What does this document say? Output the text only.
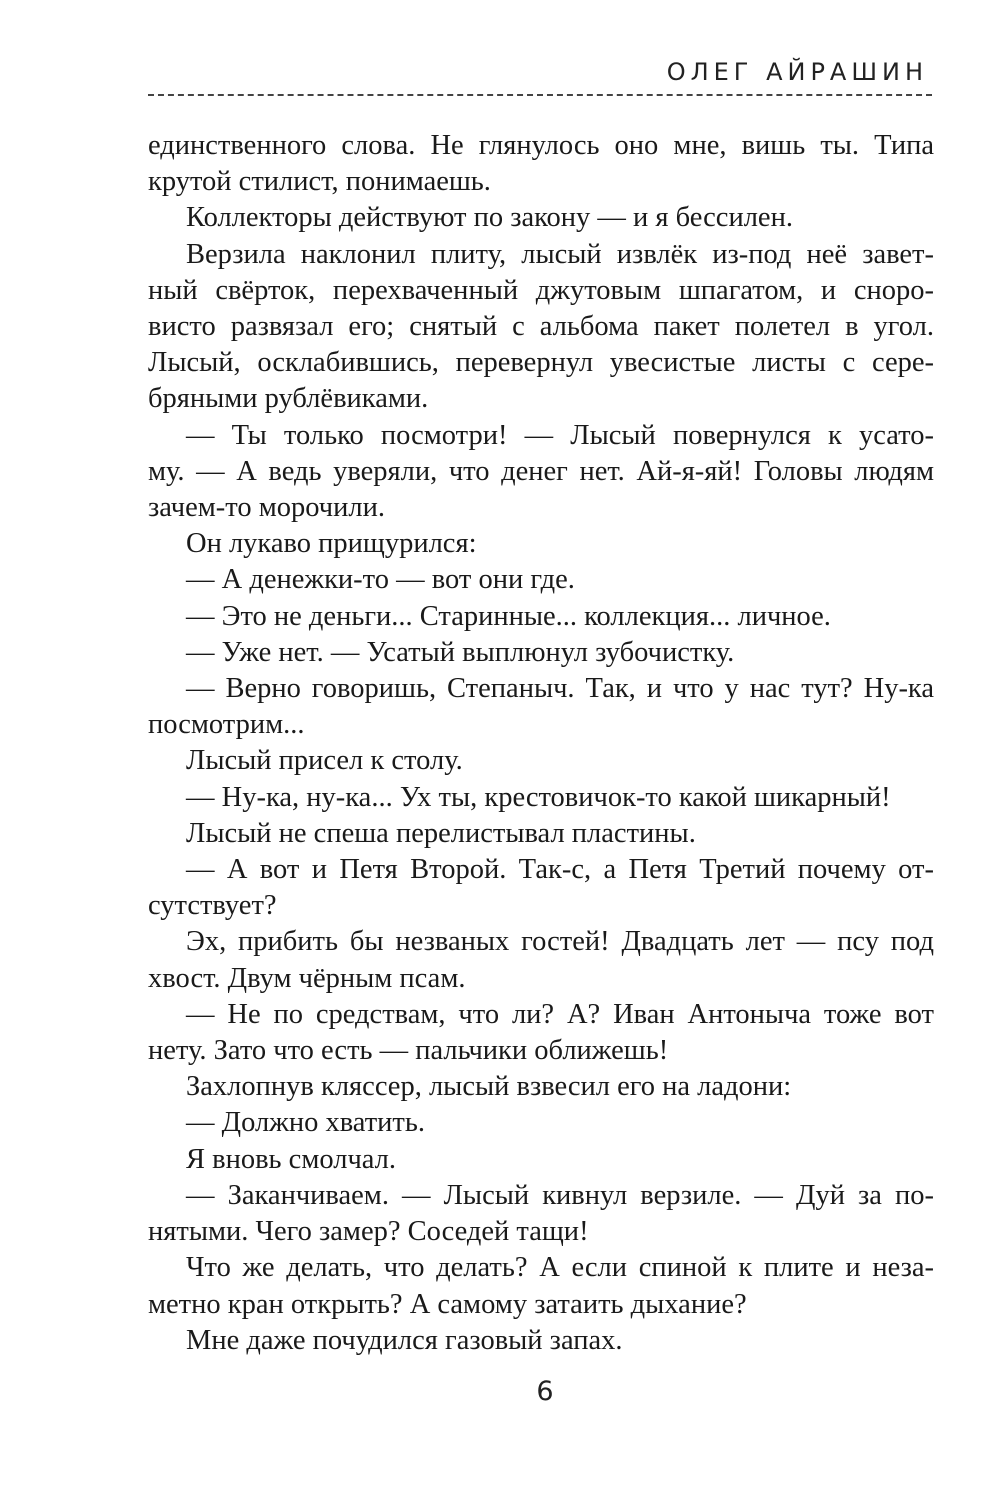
ОЛЕГ АЙРАШИН
единственного слова. Не глянулось оно мне, вишь ты. Типа
крутой стилист, понимаешь.
Коллекторы действуют по закону — и я бессилен.
Верзила наклонил плиту, лысый извлёк из-под неё завет-
ный свёрток, перехваченный джутовым шпагатом, и сноро-
висто развязал его; снятый с альбома пакет полетел в угол.
Лысый, осклабившись, перевернул увесистые листы с сере-
бряными рублёвиками.
— Ты только посмотри! — Лысый повернулся к усато-
му. — А ведь уверяли, что денег нет. Ай-я-яй! Головы людям
зачем-то морочили.
Он лукаво прищурился:
— А денежки-то — вот они где.
— Это не деньги... Старинные... коллекция... личное.
— Уже нет. — Усатый выплюнул зубочистку.
— Верно говоришь, Степаныч. Так, и что у нас тут? Ну-ка
посмотрим...
Лысый присел к столу.
— Ну-ка, ну-ка... Ух ты, крестовичок-то какой шикарный!
Лысый не спеша перелистывал пластины.
— А вот и Петя Второй. Так-с, а Петя Третий почему от-
сутствует?
Эх, прибить бы незваных гостей! Двадцать лет — псу под
хвост. Двум чёрным псам.
— Не по средствам, что ли? А? Иван Антоныча тоже вот
нету. Зато что есть — пальчики оближешь!
Захлопнув кляссер, лысый взвесил его на ладони:
— Должно хватить.
Я вновь смолчал.
— Заканчиваем. — Лысый кивнул верзиле. — Дуй за по-
нятыми. Чего замер? Соседей тащи!
Что же делать, что делать? А если спиной к плите и неза-
метно кран открыть? А самому затаить дыхание?
Мне даже почудился газовый запах.
6
